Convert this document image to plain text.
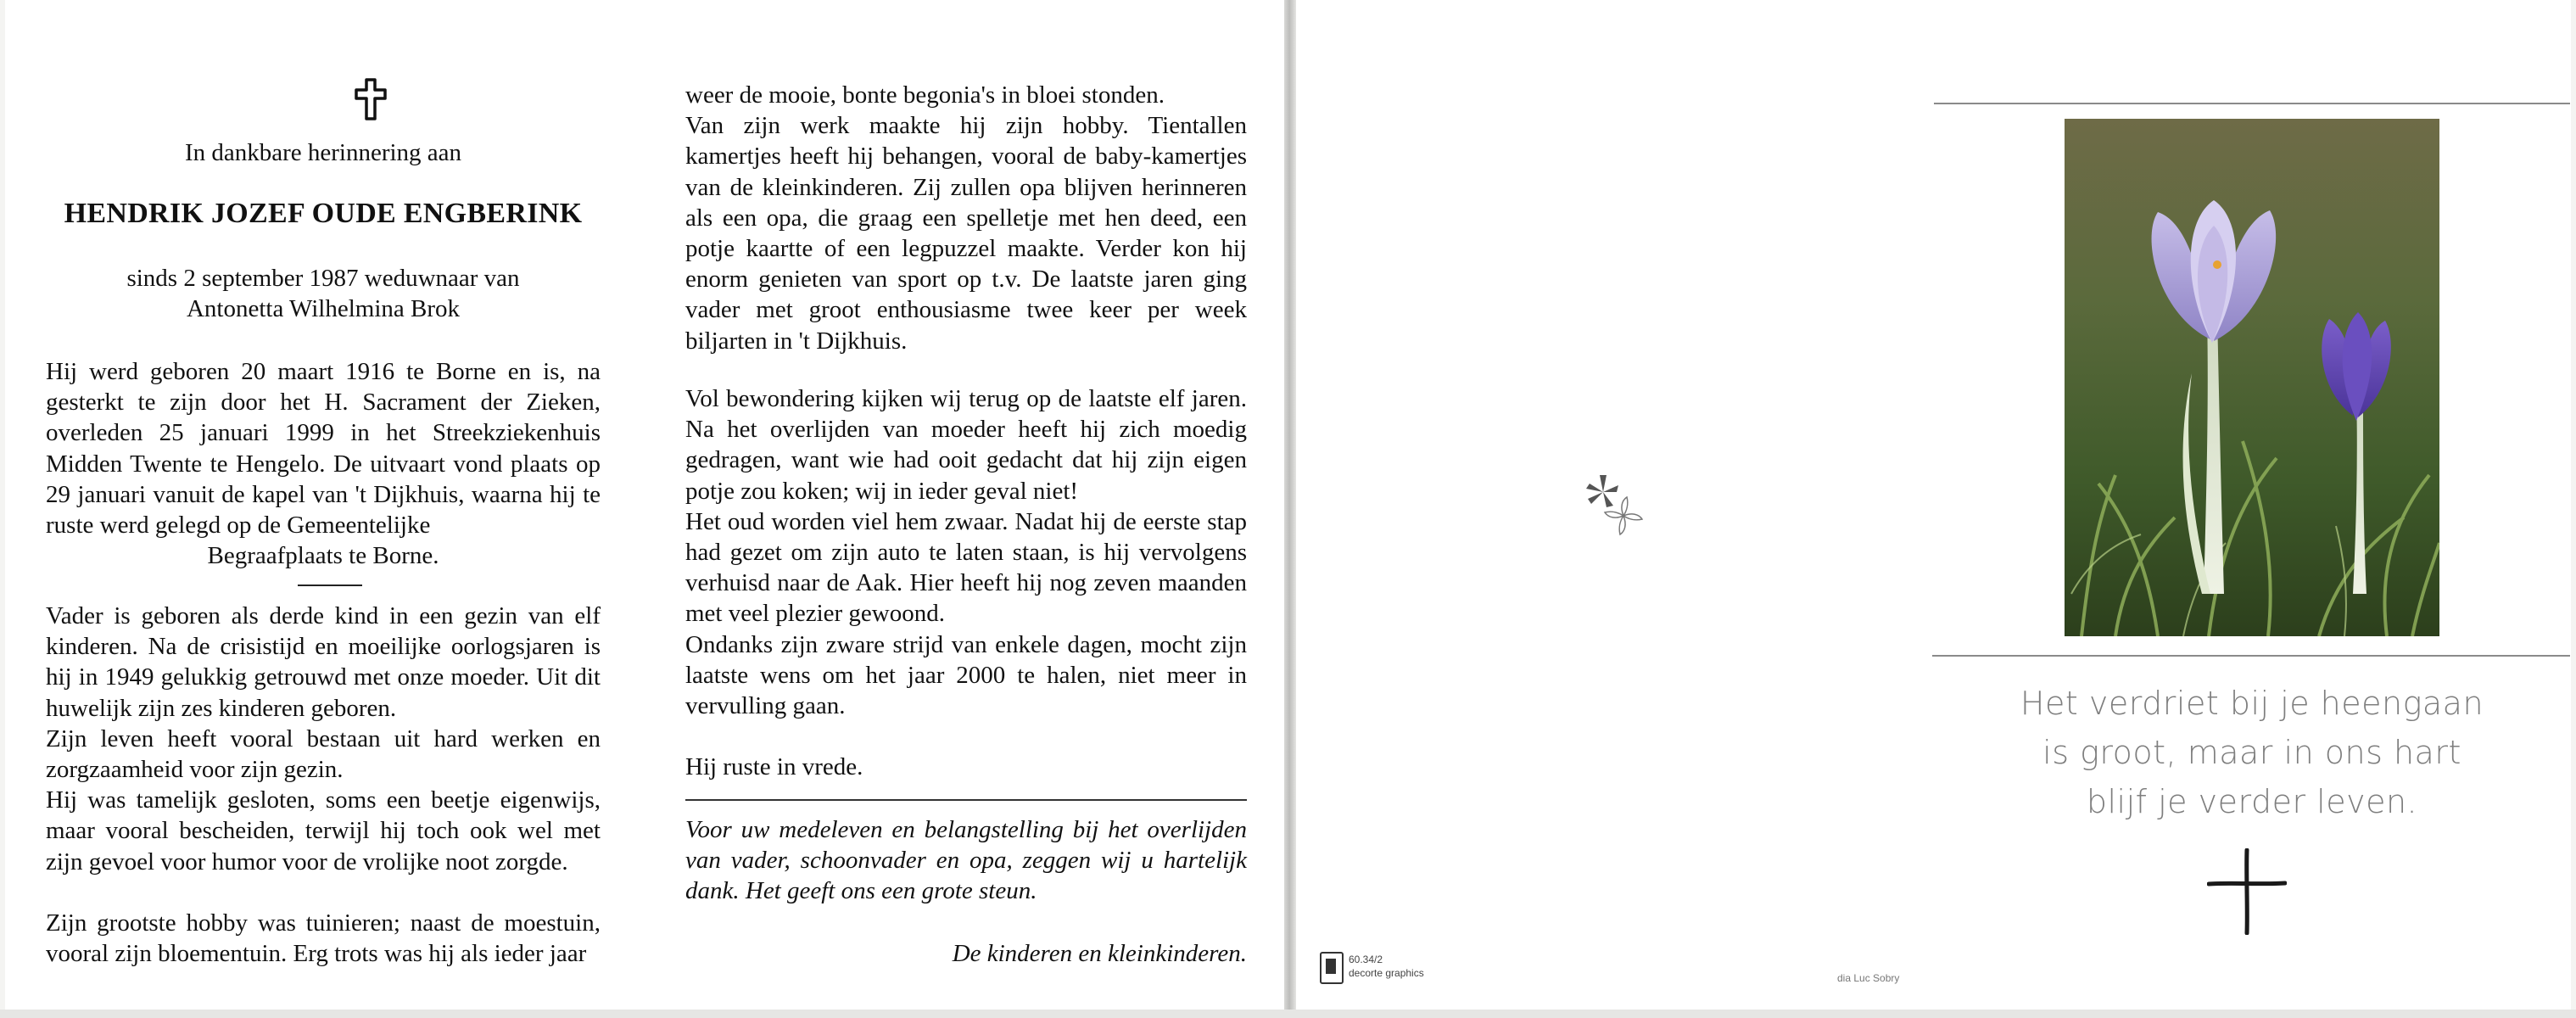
In dankbare herinnering aan

HENDRIK JOZEF OUDE ENGBERINK

sinds 2 september 1987 weduwnaar van

Antonetta Wilhelmina Brok

Hij werd geboren 20 maart 1916 te Borne en is, na gesterkt te zijn door het H. Sacrament der Zieken, overleden 25 januari 1999 in het Streekziekenhuis Midden Twente te Hengelo. De uitvaart vond plaats op 29 januari vanuit de kapel van 't Dijkhuis, waarna hij te ruste werd gelegd op de Gemeentelijke

Begraafplaats te Borne.

Vader is geboren als derde kind in een gezin van elf kinderen. Na de crisistijd en moeilijke oorlogsjaren is hij in 1949 gelukkig getrouwd met onze moeder. Uit dit huwelijk zijn zes kinderen geboren.

Zijn leven heeft vooral bestaan uit hard werken en zorgzaamheid voor zijn gezin.

Hij was tamelijk gesloten, soms een beetje eigenwijs, maar vooral bescheiden, terwijl hij toch ook wel met zijn gevoel voor humor voor de vrolijke noot zorgde.

Zijn grootste hobby was tuinieren; naast de moestuin, vooral zijn bloementuin. Erg trots was hij als ieder jaar

weer de mooie, bonte begonia's in bloei stonden.

Van zijn werk maakte hij zijn hobby. Tientallen kamertjes heeft hij behangen, vooral de baby-kamertjes van de kleinkinderen. Zij zullen opa blijven herinneren als een opa, die graag een spelletje met hen deed, een potje kaartte of een legpuzzel maakte. Verder kon hij enorm genieten van sport op t.v. De laatste jaren ging vader met groot enthousiasme twee keer per week biljarten in 't Dijkhuis.

Vol bewondering kijken wij terug op de laatste elf jaren. Na het overlijden van moeder heeft hij zich moedig gedragen, want wie had ooit gedacht dat hij zijn eigen potje zou koken; wij in ieder geval niet!

Het oud worden viel hem zwaar. Nadat hij de eerste stap had gezet om zijn auto te laten staan, is hij vervolgens verhuisd naar de Aak. Hier heeft hij nog zeven maanden met veel plezier gewoond.

Ondanks zijn zware strijd van enkele dagen, mocht zijn laatste wens om het jaar 2000 te halen, niet meer in vervulling gaan.

Hij ruste in vrede.

Voor uw medeleven en belangstelling bij het overlijden van vader, schoonvader en opa, zeggen wij u hartelijk dank. Het geeft ons een grote steun.

De kinderen en kleinkinderen.

Het verdriet bij je heengaan
is groot, maar in ons hart
blijf je verder leven.
60.34/2
decorte graphics	dia Luc Sobry
